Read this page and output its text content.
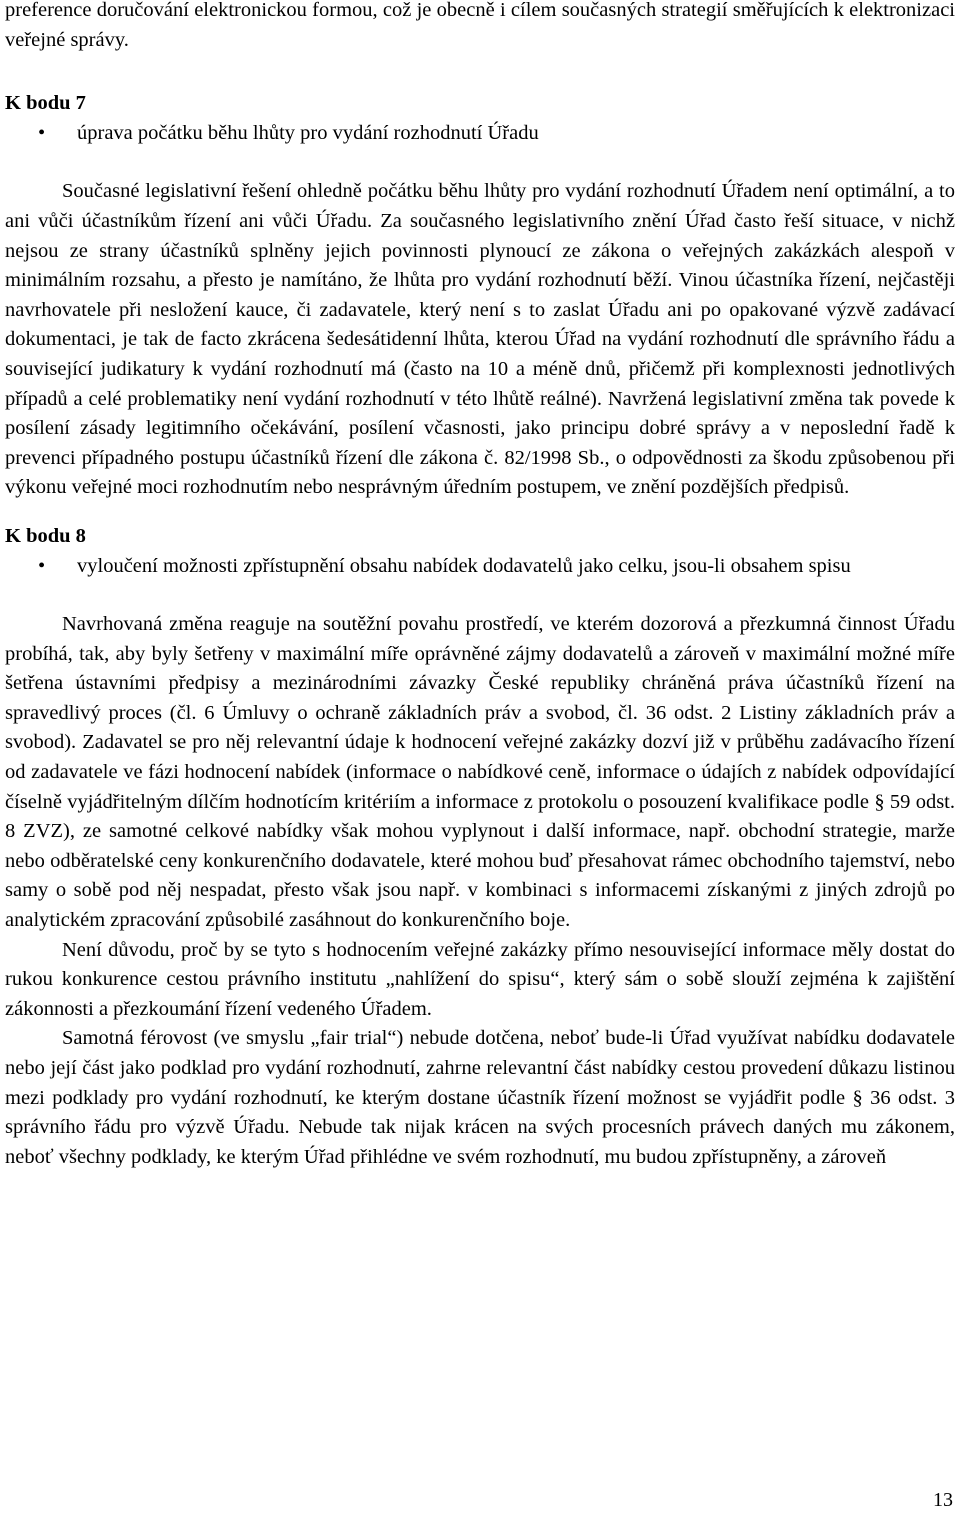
preference doručování elektronickou formou, což je obecně i cílem současných strategií směřujících k elektronizaci veřejné správy.

K bodu 7
• úprava počátku běhu lhůty pro vydání rozhodnutí Úřadu

Současné legislativní řešení ohledně počátku běhu lhůty pro vydání rozhodnutí Úřadem není optimální, a to ani vůči účastníkům řízení ani vůči Úřadu. Za současného legislativního znění Úřad často řeší situace, v nichž nejsou ze strany účastníků splněny jejich povinnosti plynoucí ze zákona o veřejných zakázkách alespoň v minimálním rozsahu, a přesto je namítáno, že lhůta pro vydání rozhodnutí běží. Vinou účastníka řízení, nejčastěji navrhovatele při nesložení kauce, či zadavatele, který není s to zaslat Úřadu ani po opakované výzvě zadávací dokumentaci, je tak de facto zkrácena šedesátidenní lhůta, kterou Úřad na vydání rozhodnutí dle správního řádu a související judikatury k vydání rozhodnutí má (často na 10 a méně dnů, přičemž při komplexnosti jednotlivých případů a celé problematiky není vydání rozhodnutí v této lhůtě reálné). Navržená legislativní změna tak povede k posílení zásady legitimního očekávání, posílení včasnosti, jako principu dobré správy a v neposlední řadě k prevenci případného postupu účastníků řízení dle zákona č. 82/1998 Sb., o odpovědnosti za škodu způsobenou při výkonu veřejné moci rozhodnutím nebo nesprávným úředním postupem, ve znění pozdějších předpisů.

K bodu 8
• vyloučení možnosti zpřístupnění obsahu nabídek dodavatelů jako celku, jsou-li obsahem spisu

Navrhovaná změna reaguje na soutěžní povahu prostředí, ve kterém dozorová a přezkumná činnost Úřadu probíhá, tak, aby byly šetřeny v maximální míře oprávněné zájmy dodavatelů a zároveň v maximální možné míře šetřena ústavními předpisy a mezinárodními závazky České republiky chráněná práva účastníků řízení na spravedlivý proces (čl. 6 Úmluvy o ochraně základních práv a svobod, čl. 36 odst. 2 Listiny základních práv a svobod). Zadavatel se pro něj relevantní údaje k hodnocení veřejné zakázky dozví již v průběhu zadávacího řízení od zadavatele ve fázi hodnocení nabídek (informace o nabídkové ceně, informace o údajích z nabídek odpovídající číselně vyjádřitelným dílčím hodnotícím kritériím a informace z protokolu o posouzení kvalifikace podle § 59 odst. 8 ZVZ), ze samotné celkové nabídky však mohou vyplynout i další informace, např. obchodní strategie, marže nebo odběratelské ceny konkurenčního dodavatele, které mohou buď přesahovat rámec obchodního tajemství, nebo samy o sobě pod něj nespadat, přesto však jsou např. v kombinaci s informacemi získanými z jiných zdrojů po analytickém zpracování způsobilé zasáhnout do konkurenčního boje.

Není důvodu, proč by se tyto s hodnocením veřejné zakázky přímo nesouvisející informace měly dostat do rukou konkurence cestou právního institutu „nahlížení do spisu“, který sám o sobě slouží zejména k zajištění zákonnosti a přezkoumání řízení vedeného Úřadem.

Samotná férovost (ve smyslu „fair trial“) nebude dotčena, neboť bude-li Úřad využívat nabídku dodavatele nebo její část jako podklad pro vydání rozhodnutí, zahrne relevantní část nabídky cestou provedení důkazu listinou mezi podklady pro vydání rozhodnutí, ke kterým dostane účastník řízení možnost se vyjádřit podle § 36 odst. 3 správního řádu pro výzvě Úřadu. Nebude tak nijak krácen na svých procesních právech daných mu zákonem, neboť všechny podklady, ke kterým Úřad přihlédne ve svém rozhodnutí, mu budou zpřístupněny, a zároveň

13
